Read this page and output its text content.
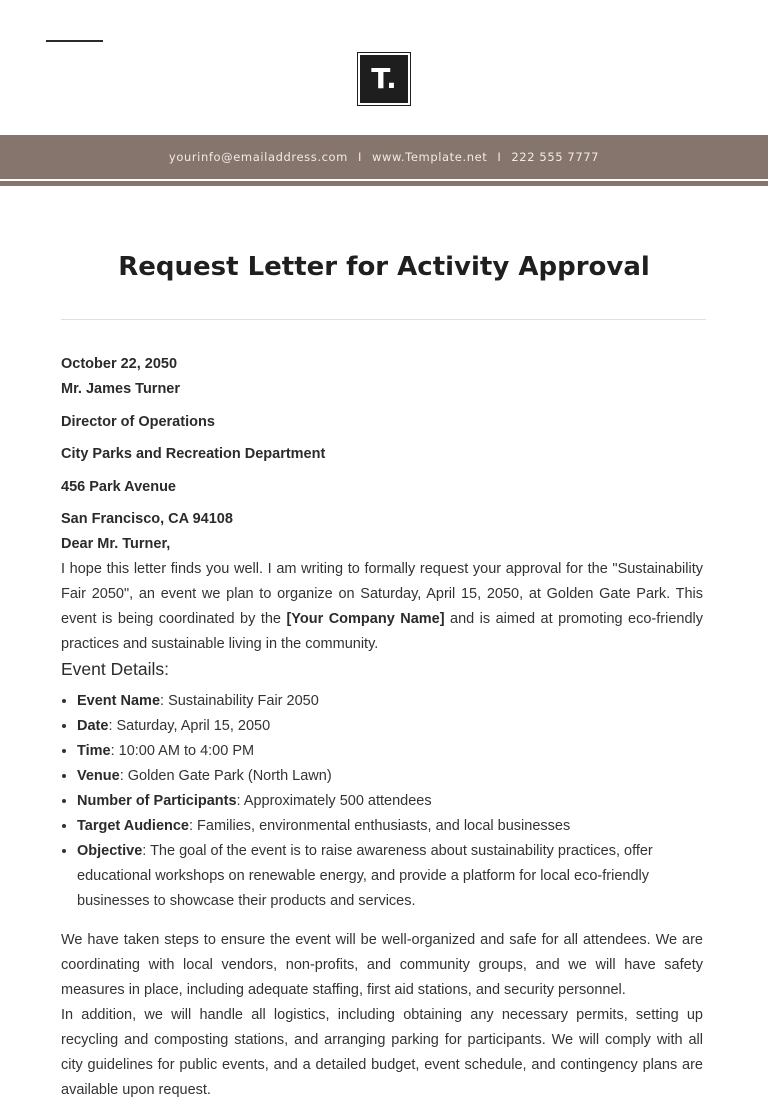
T.
yourinfo@emailaddress.com I www.Template.net I 222 555 7777
Request Letter for Activity Approval
October 22, 2050
Mr. James Turner
Director of Operations
City Parks and Recreation Department
456 Park Avenue
San Francisco, CA 94108
Dear Mr. Turner,

I hope this letter finds you well. I am writing to formally request your approval for the "Sustainability Fair 2050", an event we plan to organize on Saturday, April 15, 2050, at Golden Gate Park. This event is being coordinated by the [Your Company Name] and is aimed at promoting eco-friendly practices and sustainable living in the community.

Event Details:
• Event Name: Sustainability Fair 2050
• Date: Saturday, April 15, 2050
• Time: 10:00 AM to 4:00 PM
• Venue: Golden Gate Park (North Lawn)
• Number of Participants: Approximately 500 attendees
• Target Audience: Families, environmental enthusiasts, and local businesses
• Objective: The goal of the event is to raise awareness about sustainability practices, offer educational workshops on renewable energy, and provide a platform for local eco-friendly businesses to showcase their products and services.

We have taken steps to ensure the event will be well-organized and safe for all attendees. We are coordinating with local vendors, non-profits, and community groups, and we will have safety measures in place, including adequate staffing, first aid stations, and security personnel.

In addition, we will handle all logistics, including obtaining any necessary permits, setting up recycling and composting stations, and arranging parking for participants. We will comply with all city guidelines for public events, and a detailed budget, event schedule, and contingency plans are available upon request.
